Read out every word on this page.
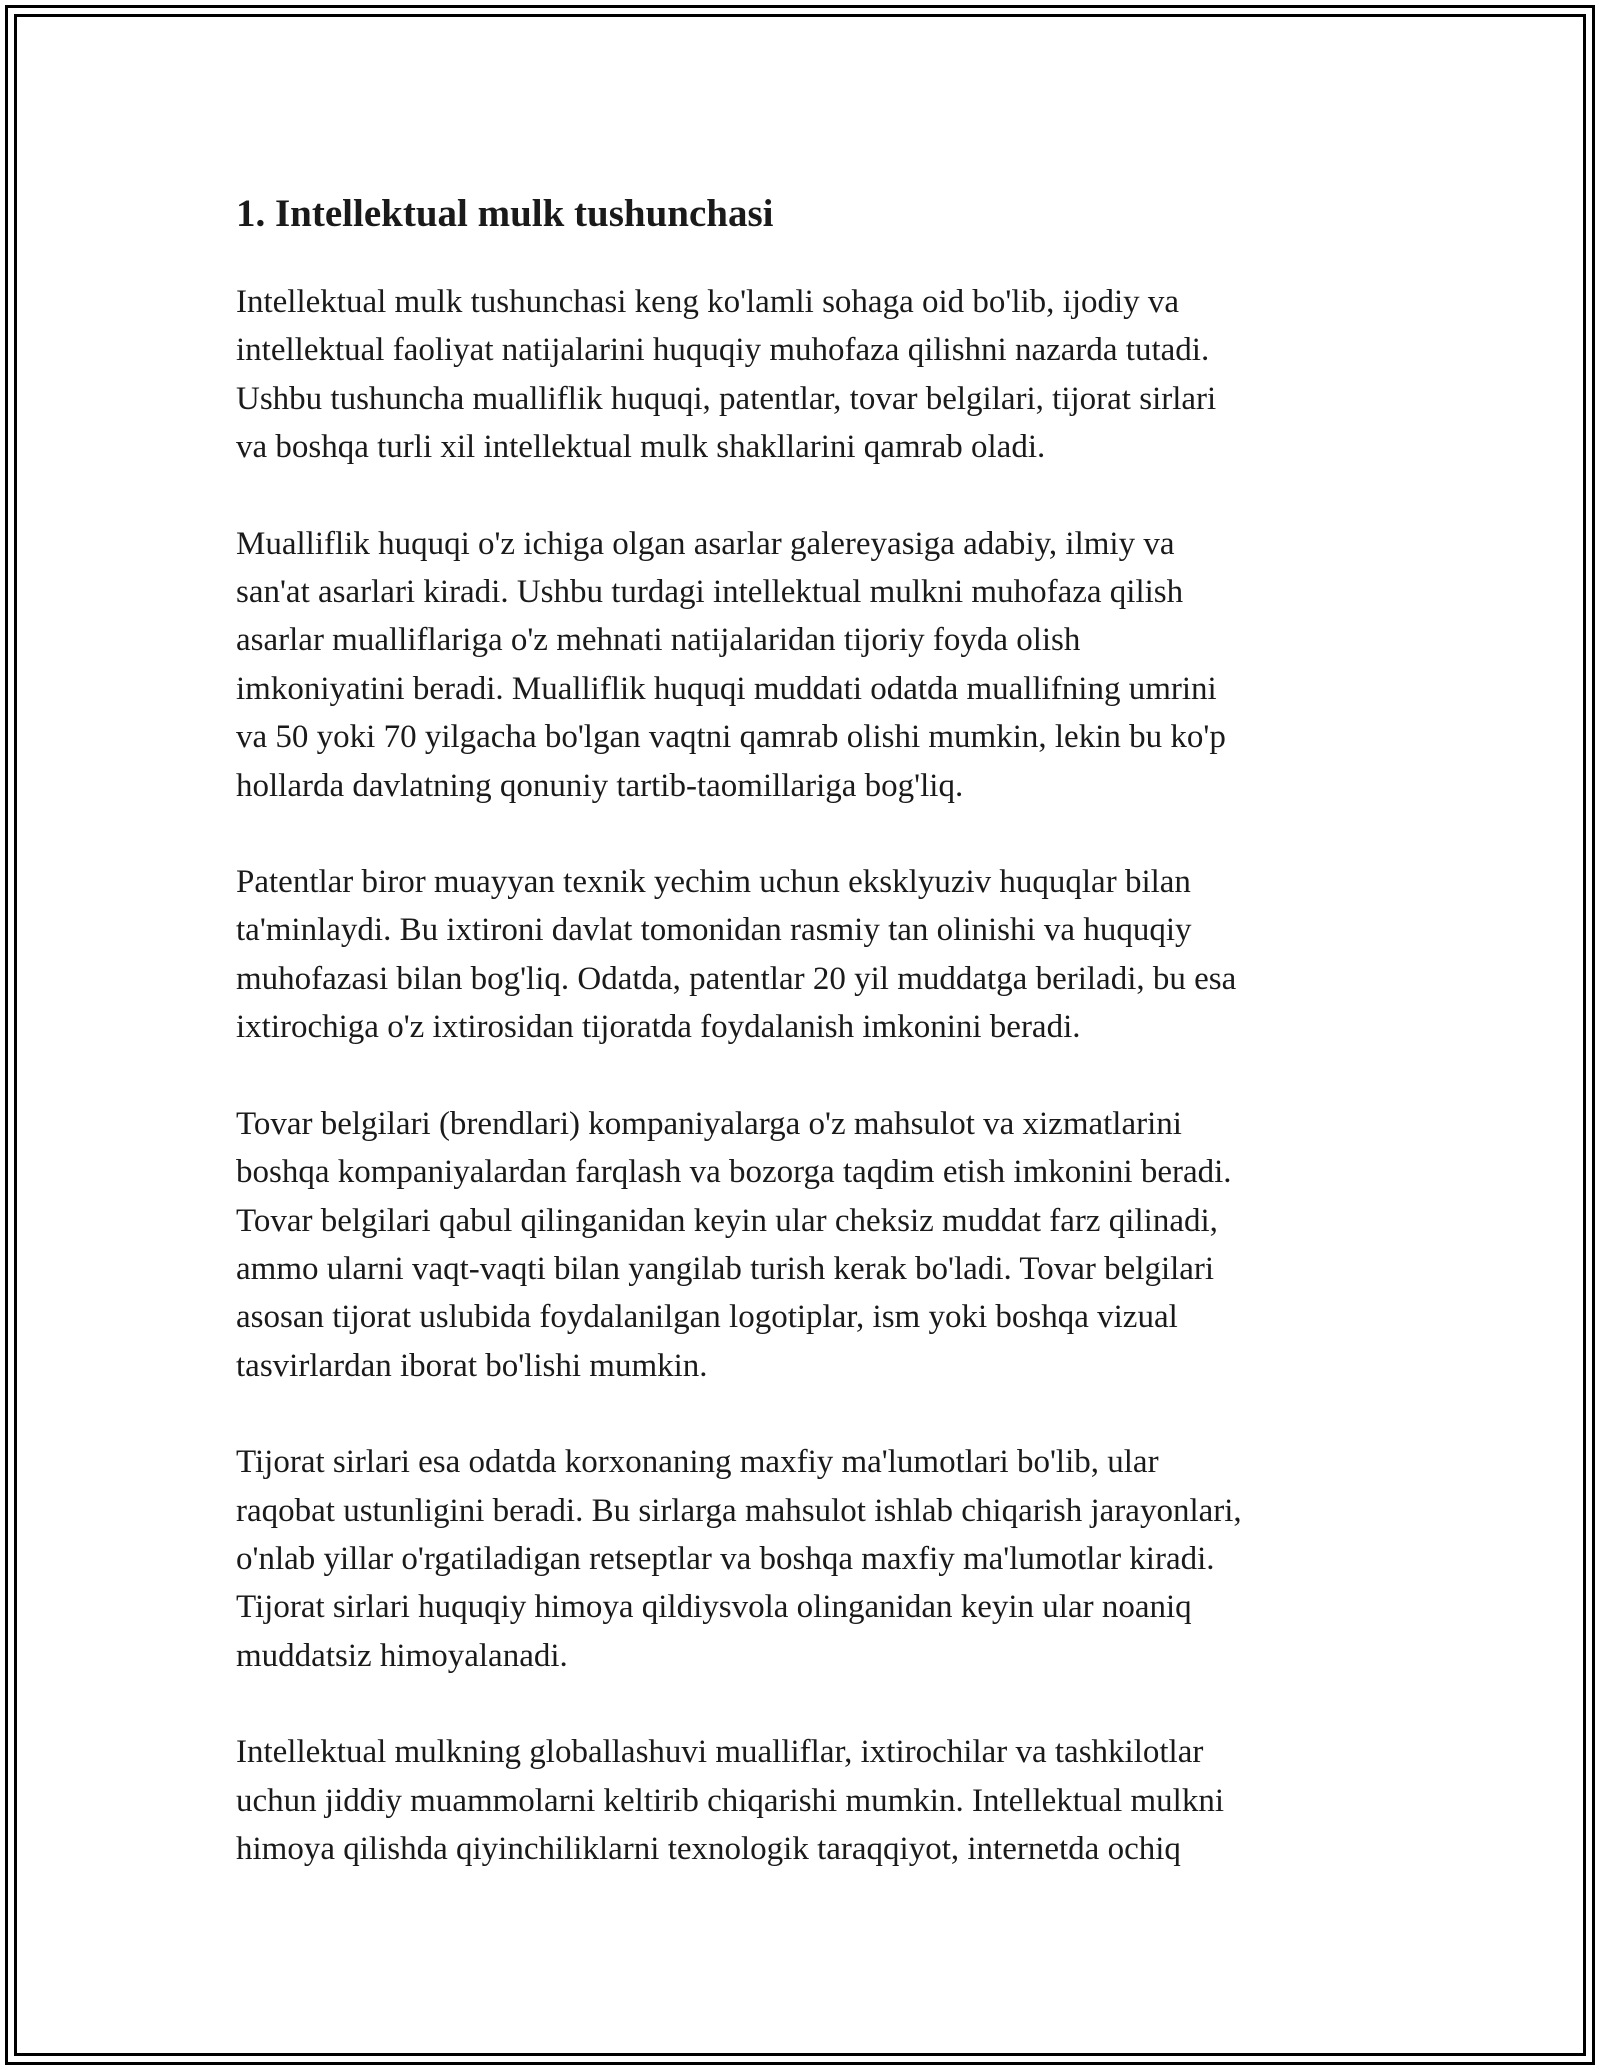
1. Intellektual mulk tushunchasi

Intellektual mulk tushunchasi keng ko'lamli sohaga oid bo'lib, ijodiy va
intellektual faoliyat natijalarini huquqiy muhofaza qilishni nazarda tutadi.
Ushbu tushuncha mualliflik huquqi, patentlar, tovar belgilari, tijorat sirlari
va boshqa turli xil intellektual mulk shakllarini qamrab oladi.

Mualliflik huquqi o'z ichiga olgan asarlar galereyasiga adabiy, ilmiy va
san'at asarlari kiradi. Ushbu turdagi intellektual mulkni muhofaza qilish
asarlar mualliflariga o'z mehnati natijalaridan tijoriy foyda olish
imkoniyatini beradi. Mualliflik huquqi muddati odatda muallifning umrini
va 50 yoki 70 yilgacha bo'lgan vaqtni qamrab olishi mumkin, lekin bu ko'p
hollarda davlatning qonuniy tartib-taomillariga bog'liq.

Patentlar biror muayyan texnik yechim uchun eksklyuziv huquqlar bilan
ta'minlaydi. Bu ixtironi davlat tomonidan rasmiy tan olinishi va huquqiy
muhofazasi bilan bog'liq. Odatda, patentlar 20 yil muddatga beriladi, bu esa
ixtirochiga o'z ixtirosidan tijoratda foydalanish imkonini beradi.

Tovar belgilari (brendlari) kompaniyalarga o'z mahsulot va xizmatlarini
boshqa kompaniyalardan farqlash va bozorga taqdim etish imkonini beradi.
Tovar belgilari qabul qilinganidan keyin ular cheksiz muddat farz qilinadi,
ammo ularni vaqt-vaqti bilan yangilab turish kerak bo'ladi. Tovar belgilari
asosan tijorat uslubida foydalanilgan logotiplar, ism yoki boshqa vizual
tasvirlardan iborat bo'lishi mumkin.

Tijorat sirlari esa odatda korxonaning maxfiy ma'lumotlari bo'lib, ular
raqobat ustunligini beradi. Bu sirlarga mahsulot ishlab chiqarish jarayonlari,
o'nlab yillar o'rgatiladigan retseptlar va boshqa maxfiy ma'lumotlar kiradi.
Tijorat sirlari huquqiy himoya qildiysvola olinganidan keyin ular noaniq
muddatsiz himoyalanadi.

Intellektual mulkning globallashuvi mualliflar, ixtirochilar va tashkilotlar
uchun jiddiy muammolarni keltirib chiqarishi mumkin. Intellektual mulkni
himoya qilishda qiyinchiliklarni texnologik taraqqiyot, internetda ochiq
